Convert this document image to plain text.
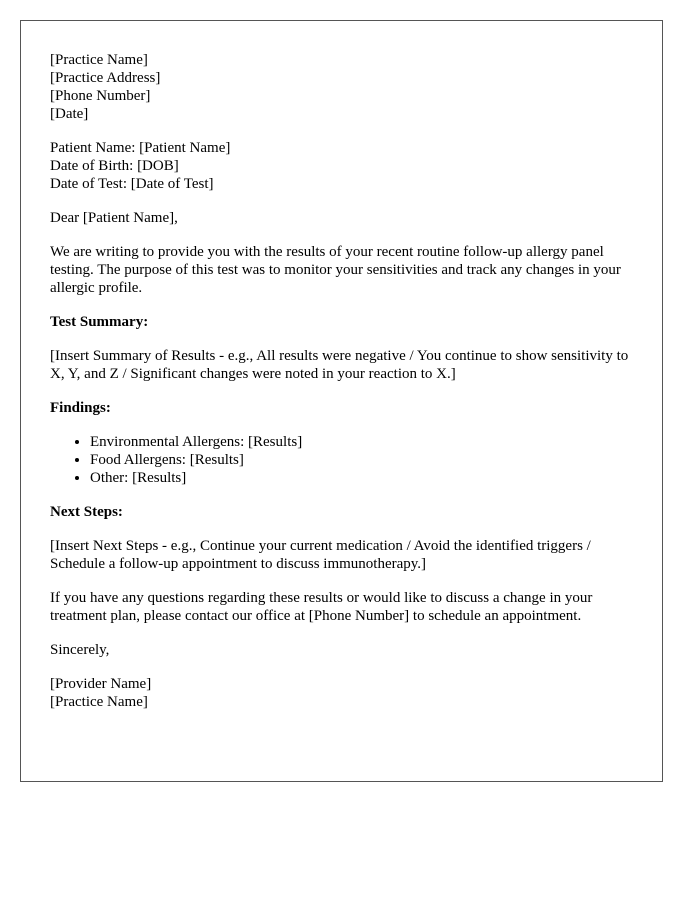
[Practice Name]
[Practice Address]
[Phone Number]
[Date]
Patient Name: [Patient Name]
Date of Birth: [DOB]
Date of Test: [Date of Test]

Dear [Patient Name],

We are writing to provide you with the results of your recent routine follow-up allergy panel testing. The purpose of this test was to monitor your sensitivities and track any changes in your allergic profile.

Test Summary:

[Insert Summary of Results - e.g., All results were negative / You continue to show sensitivity to X, Y, and Z / Significant changes were noted in your reaction to X.]

Findings:
• Environmental Allergens: [Results]
• Food Allergens: [Results]
• Other: [Results]
Next Steps:

[Insert Next Steps - e.g., Continue your current medication / Avoid the identified triggers / Schedule a follow-up appointment to discuss immunotherapy.]

If you have any questions regarding these results or would like to discuss a change in your treatment plan, please contact our office at [Phone Number] to schedule an appointment.

Sincerely,

[Provider Name]
[Practice Name]
